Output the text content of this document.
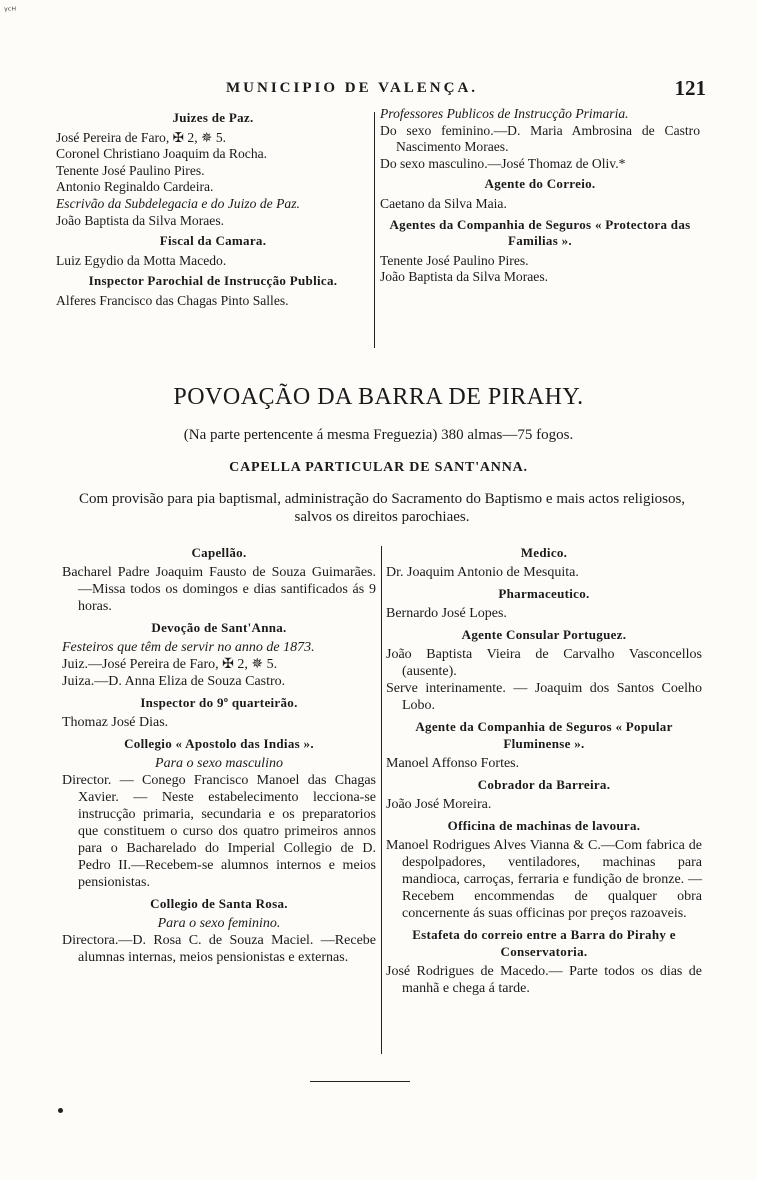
ᵞᶜᴴ
MUNICIPIO DE VALENÇA.	121

Juizes de Paz.

José Pereira de Faro, ✠ 2, ✵ 5.

Coronel Christiano Joaquim da Rocha.

Tenente José Paulino Pires.

Antonio Reginaldo Cardeira.

Escrivão da Subdelegacia e do Juizo de Paz.

João Baptista da Silva Moraes.

Fiscal da Camara.

Luiz Egydio da Motta Macedo.

Inspector Parochial de Instrucção Publica.

Alferes Francisco das Chagas Pinto Salles.

Professores Publicos de Instrucção Primaria.

Do sexo feminino.—D. Maria Ambrosina de Castro Nascimento Moraes.

Do sexo masculino.—José Thomaz de Oliv.*

Agente do Correio.

Caetano da Silva Maia.

Agentes da Companhia de Seguros « Protectora das Familias ».

Tenente José Paulino Pires.

João Baptista da Silva Moraes.

POVOAÇÃO DA BARRA DE PIRAHY.
(Na parte pertencente á mesma Freguezia) 380 almas—75 fogos.
CAPELLA PARTICULAR DE SANT'ANNA.
Com provisão para pia baptismal, administração do Sacramento do Baptismo e mais actos religiosos, salvos os direitos parochiaes.

Capellão.

Bacharel Padre Joaquim Fausto de Souza Guimarães. —Missa todos os domingos e dias santificados ás 9 horas.

Devoção de Sant'Anna.

Festeiros que têm de servir no anno de 1873.

Juiz.—José Pereira de Faro, ✠ 2, ✵ 5.

Juiza.—D. Anna Eliza de Souza Castro.

Inspector do 9º quarteirão.

Thomaz José Dias.

Collegio « Apostolo das Indias ».

Para o sexo masculino

Director. — Conego Francisco Manoel das Chagas Xavier. — Neste estabelecimento lecciona-se instrucção primaria, secundaria e os preparatorios que constituem o curso dos quatro primeiros annos para o Bacharelado do Imperial Collegio de D. Pedro II.—Recebem-se alumnos internos e meios pensionistas.

Collegio de Santa Rosa.

Para o sexo feminino.

Directora.—D. Rosa C. de Souza Maciel. —Recebe alumnas internas, meios pensionistas e externas.

Medico.

Dr. Joaquim Antonio de Mesquita.

Pharmaceutico.

Bernardo José Lopes.

Agente Consular Portuguez.

João Baptista Vieira de Carvalho Vasconcellos (ausente).

Serve interinamente. — Joaquim dos Santos Coelho Lobo.

Agente da Companhia de Seguros « Popular Fluminense ».

Manoel Affonso Fortes.

Cobrador da Barreira.

João José Moreira.

Officina de machinas de lavoura.

Manoel Rodrigues Alves Vianna & C.—Com fabrica de despolpadores, ventiladores, machinas para mandioca, carroças, ferraria e fundição de bronze. — Recebem encommendas de qualquer obra concernente ás suas officinas por preços razoaveis.

Estafeta do correio entre a Barra do Pirahy e Conservatoria.

José Rodrigues de Macedo.— Parte todos os dias de manhã e chega á tarde.
